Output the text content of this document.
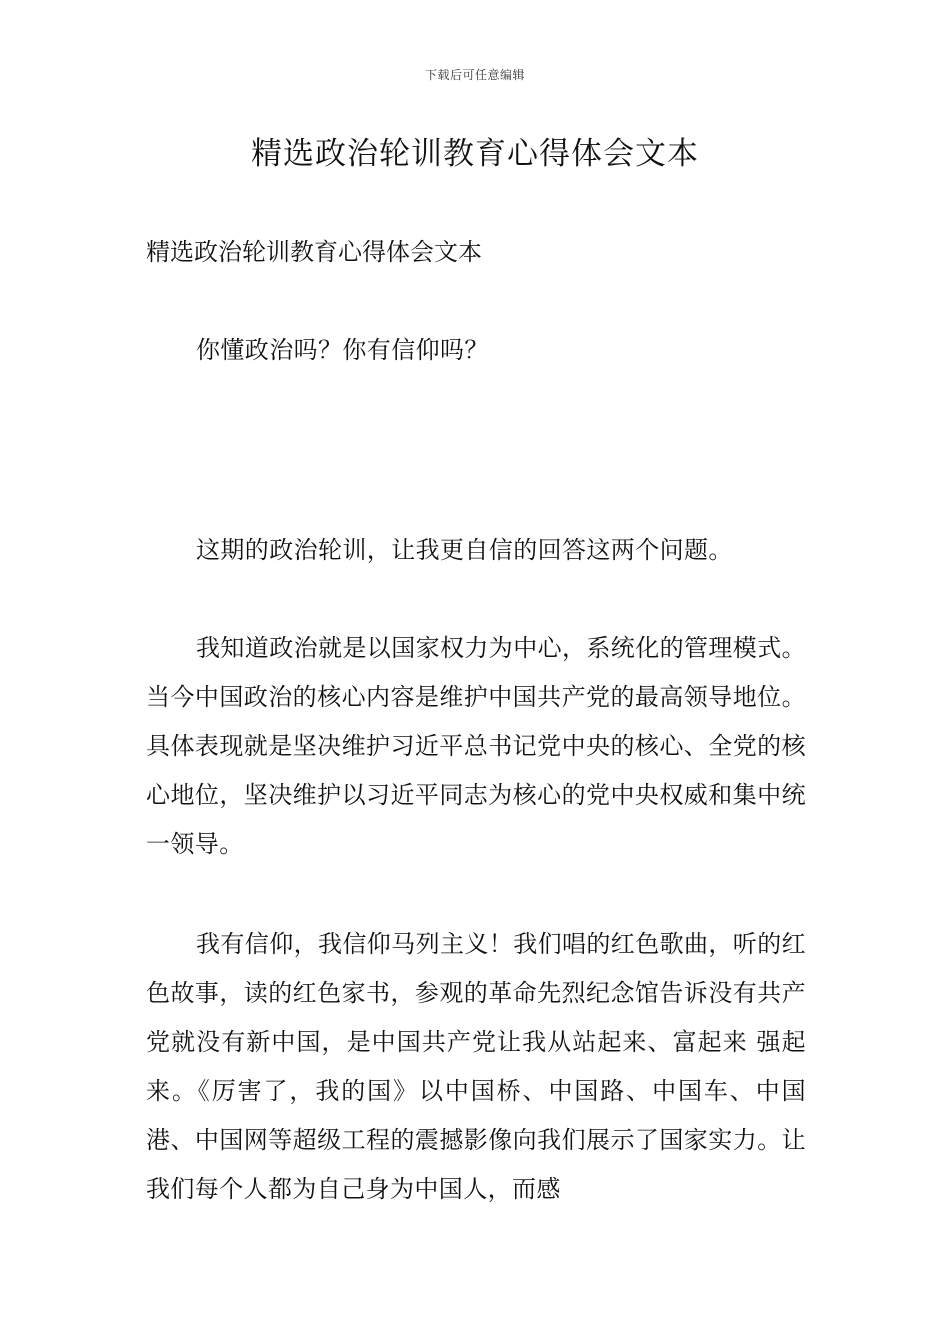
下载后可任意编辑
精选政治轮训教育心得体会文本

精选政治轮训教育心得体会文本

你懂政治吗？你有信仰吗？

这期的政治轮训，让我更自信的回答这两个问题。

我知道政治就是以国家权力为中心，系统化的管理模式。当今中国政治的核心内容是维护中国共产党的最高领导地位。具体表现就是坚决维护习近平总书记党中央的核心、全党的核心地位，坚决维护以习近平同志为核心的党中央权威和集中统一领导。

我有信仰，我信仰马列主义！我们唱的红色歌曲，听的红色故事，读的红色家书，参观的革命先烈纪念馆告诉没有共产党就没有新中国，是中国共产党让我从站起来、富起来 强起来。《厉害了，我的国》以中国桥、中国路、中国车、中国港、中国网等超级工程的震撼影像向我们展示了国家实力。让我们每个人都为自己身为中国人，而感
